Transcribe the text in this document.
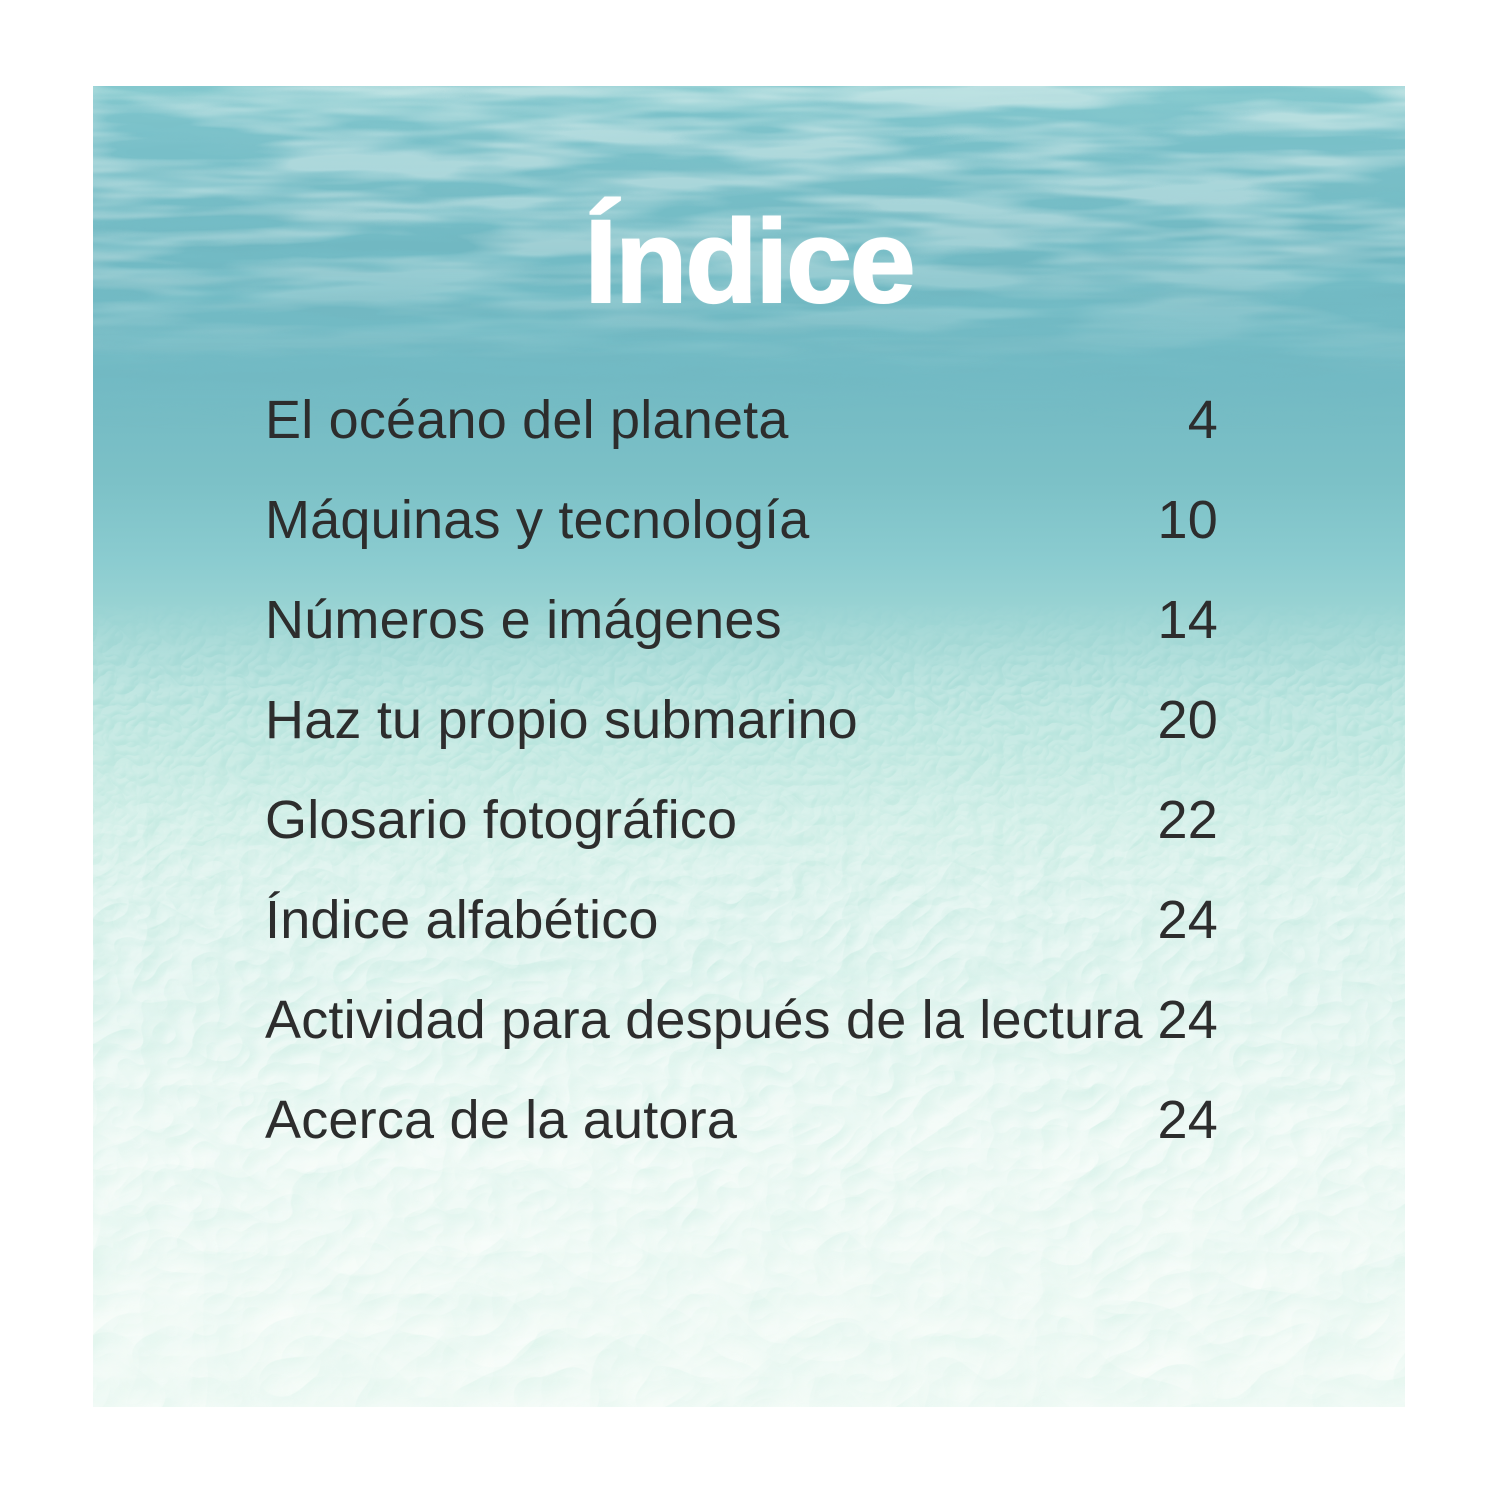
Índice
El océano del planeta	4
Máquinas y tecnología	10
Números e imágenes	14
Haz tu propio submarino	20
Glosario fotográfico	22
Índice alfabético	24
Actividad para después de la lectura 24
Acerca de la autora	24
